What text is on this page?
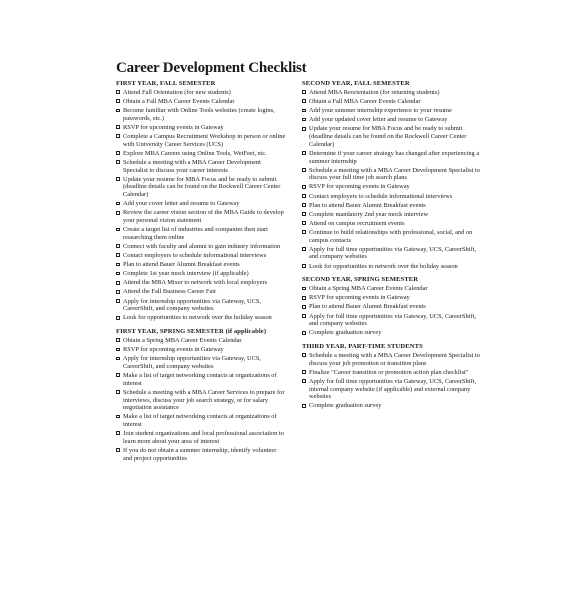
Career Development Checklist
FIRST YEAR, FALL SEMESTER
Attend Fall Orientation (for new students)
Obtain a Fall MBA Career Events Calendar
Become familiar with Online Tools websites (create logins, passwords, etc.)
RSVP for upcoming events in Gateway
Complete a Campus Recruitment Workshop in person or online with University Career Services (UCS)
Explore MBA Careers using Online Tools, WetFeet, etc.
Schedule a meeting with a MBA Career Development Specialist to discuss your career interests
Update your resume for MBA Focus and be ready to submit (deadline details can be found on the Rockwell Career Center Calendar)
Add your cover letter and resume to Gateway
Review the career vision section of the MBA Guide to develop your personal vision statement
Create a target list of industries and companies then start researching them online
Connect with faculty and alumni to gain industry information
Contact employers to schedule informational interviews
Plan to attend Bauer Alumni Breakfast events
Complete 1st year mock interview (if applicable)
Attend the MBA Mixer to network with local employers
Attend the Fall Business Career Fair
Apply for internship opportunities via Gateway, UCS, CareerShift, and company websites
Look for opportunities to network over the holiday season
FIRST YEAR, SPRING SEMESTER (if applicable)
Obtain a Spring MBA Career Events Calendar
RSVP for upcoming events in Gateway
Apply for internship opportunities via Gateway, UCS, CareerShift, and company websites
Make a list of target networking contacts at organizations of interest
Schedule a meeting with a MBA Career Services to prepare for interviews, discuss your job search strategy, or for salary negotiation assistance
Make a list of target networking contacts at organizations of interest
Join student organizations and local professional association to learn more about your area of interest
If you do not obtain a summer internship, identify volunteer and project opportunities
SECOND YEAR, FALL SEMESTER
Attend MBA Reorientation (for returning students)
Obtain a Fall MBA Career Events Calendar
Add your summer internship experience to your resume
Add your updated cover letter and resume to Gateway
Update your resume for MBA Focus and be ready to submit (deadline details can be found on the Rockwell Career Center Calendar)
Determine if your career strategy has changed after experiencing a summer internship
Schedule a meeting with a MBA Career Development Specialist to discuss your full time job search plans
RSVP for upcoming events in Gateway
Contact employers to schedule informational interviews
Plan to attend Bauer Alumni Breakfast events
Complete mandatory 2nd year mock interview
Attend on campus recruitment events
Continue to build relationships with professional, social, and on campus contacts
Apply for full time opportunities via Gateway, UCS, CareerShift, and company websites
Look for opportunities to network over the holiday season
SECOND YEAR, SPRING SEMESTER
Obtain a Spring MBA Career Events Calendar
RSVP for upcoming events in Gateway
Plan to attend Bauer Alumni Breakfast events
Apply for full time opportunities via Gateway, UCS, CareerShift, and company websites
Complete graduation survey
THIRD YEAR, PART-TIME STUDENTS
Schedule a meeting with a MBA Career Development Specialist to discuss your job promotion or transition plans
Finalize "Career transition or promotion action plan checklist"
Apply for full time opportunities via Gateway, UCS, CareerShift, internal company website (if applicable) and external company websites
Complete graduation survey
